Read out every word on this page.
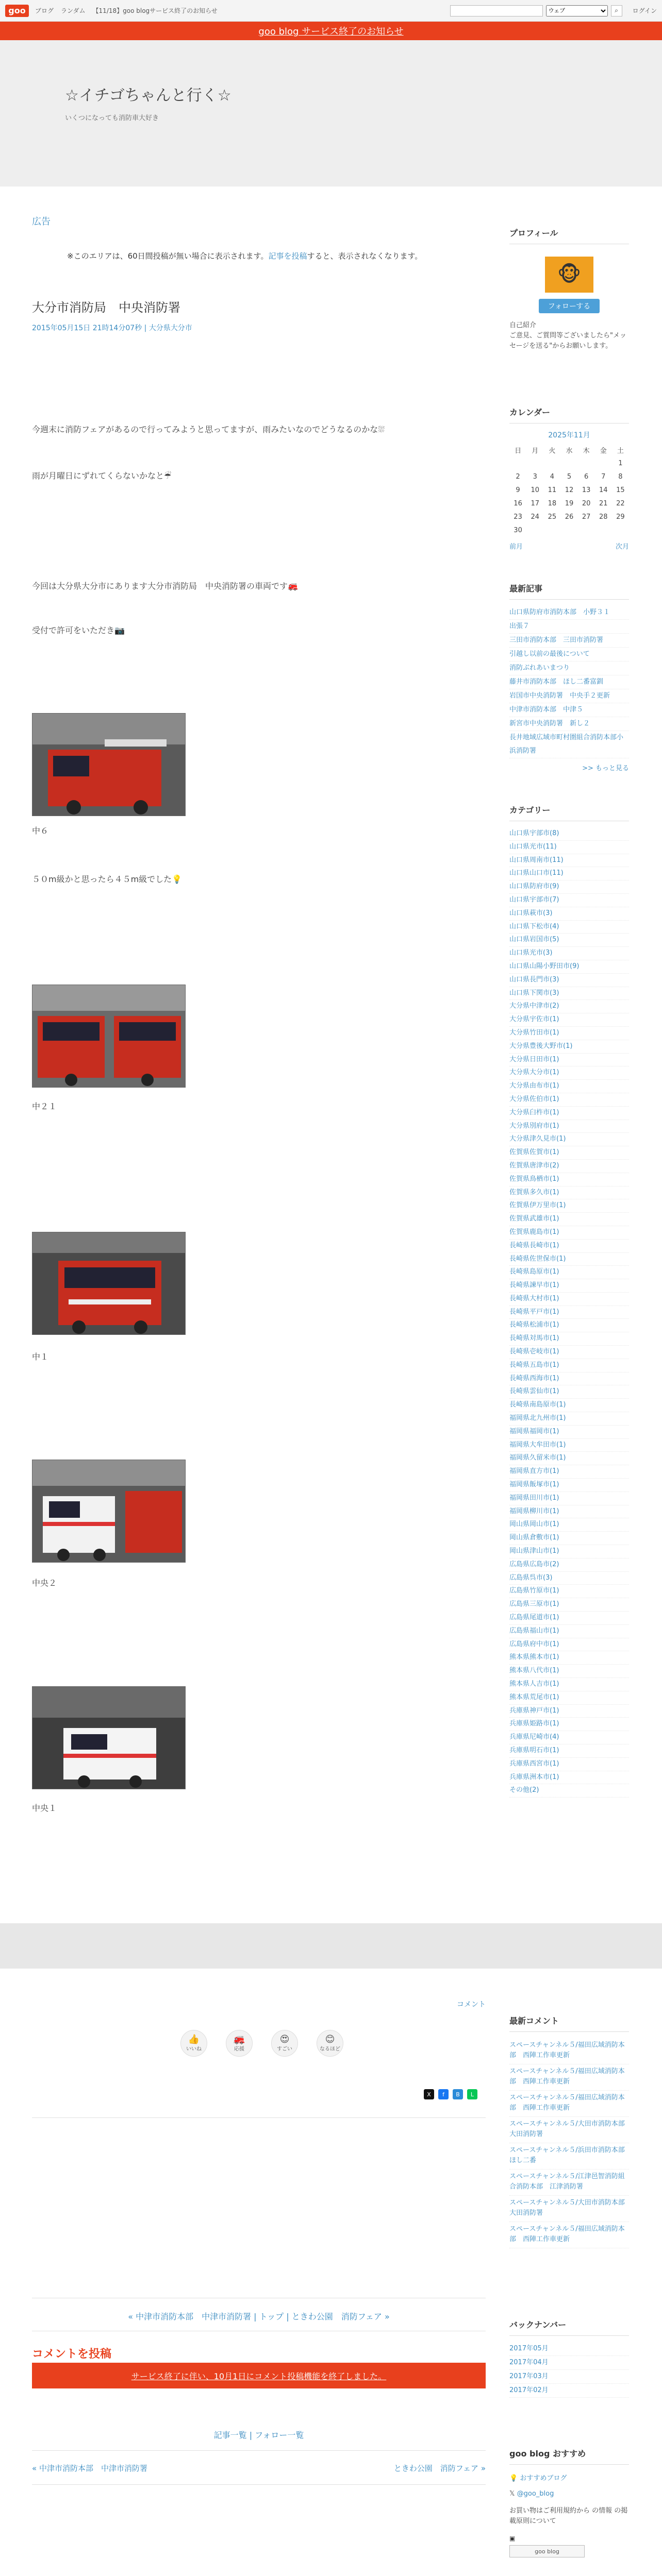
goo	ブログ ランダム 【11/18】goo blogサービス終了のお知らせ
ウェブ	⌕	ログイン
goo blog サービス終了のお知らせ
☆イチゴちゃんと行く☆
いくつになっても消防車大好き
広告
※このエリアは、60日間投稿が無い場合に表示されます。記事を投稿すると、表示されなくなります。
大分市消防局　中央消防署
2015年05月15日 21時14分07秒 | 大分県大分市
今週末に消防フェアがあるので行ってみようと思ってますが、雨みたいなのでどうなるのかな⛆
雨が月曜日にずれてくらないかなと☔
今回は大分県大分市にあります大分市消防局　中央消防署の車両です🚒
受付で許可をいただき📷
中６
５０m級かと思ったら４５m級でした💡
中２１
中１
中央２
中央１
コメント
👍
いいね
🚒
応援
😍
すごい
😊
なるほど
X	f	B	L
« 中津市消防本部　中津市消防署 | トップ | ときわ公園　消防フェア »
コメントを投稿
サービス終了に伴い、10月1日にコメント投稿機能を終了しました。
記事一覧 | フォロー一覧
« 中津市消防本部　中津市消防署	ときわ公園　消防フェア »
プロフィール
🐵
フォローする
自己紹介
ご意見、ご質問等ございましたら"メッセージを送る"からお願いします。
カレンダー
2025年11月
日	月	火	水	木	金	土
						1
2	3	4	5	6	7	8
9	10	11	12	13	14	15
16	17	18	19	20	21	22
23	24	25	26	27	28	29
30						
前月	次月
最新記事
山口県防府市消防本部　小野３１
出張７
三田市消防本部　三田市消防署
引越し以前の最後について
消防ぶれあいまつり
藤井市消防本部　ほし二番富釧
岩国市中央消防署　中央手２更新
中津市消防本部　中津５
新宮市中央消防署　新し２
長井地域広域市町村圏組合消防本部小浜消防署
>> もっと見る
カテゴリー
山口県宇部市(8)
山口県光市(11)
山口県周南市(11)
山口県山口市(11)
山口県防府市(9)
山口県宇部市(7)
山口県萩市(3)
山口県下松市(4)
山口県岩国市(5)
山口県光市(3)
山口県山陽小野田市(9)
山口県長門市(3)
山口県下関市(3)
大分県中津市(2)
大分県宇佐市(1)
大分県竹田市(1)
大分県豊後大野市(1)
大分県日田市(1)
大分県大分市(1)
大分県由布市(1)
大分県佐伯市(1)
大分県臼杵市(1)
大分県別府市(1)
大分県津久見市(1)
佐賀県佐賀市(1)
佐賀県唐津市(2)
佐賀県鳥栖市(1)
佐賀県多久市(1)
佐賀県伊万里市(1)
佐賀県武雄市(1)
佐賀県鹿島市(1)
長崎県長崎市(1)
長崎県佐世保市(1)
長崎県島原市(1)
長崎県諫早市(1)
長崎県大村市(1)
長崎県平戸市(1)
長崎県松浦市(1)
長崎県対馬市(1)
長崎県壱岐市(1)
長崎県五島市(1)
長崎県西海市(1)
長崎県雲仙市(1)
長崎県南島原市(1)
福岡県北九州市(1)
福岡県福岡市(1)
福岡県大牟田市(1)
福岡県久留米市(1)
福岡県直方市(1)
福岡県飯塚市(1)
福岡県田川市(1)
福岡県柳川市(1)
岡山県岡山市(1)
岡山県倉敷市(1)
岡山県津山市(1)
広島県広島市(2)
広島県呉市(3)
広島県竹原市(1)
広島県三原市(1)
広島県尾道市(1)
広島県福山市(1)
広島県府中市(1)
熊本県熊本市(1)
熊本県八代市(1)
熊本県人吉市(1)
熊本県荒尾市(1)
兵庫県神戸市(1)
兵庫県姫路市(1)
兵庫県尼崎市(4)
兵庫県明石市(1)
兵庫県西宮市(1)
兵庫県洲本市(1)
その他(2)
最新コメント
スペースチャンネル５/福田広域消防本部　西陣工作車更新
スペースチャンネル５/福田広域消防本部　西陣工作車更新
スペースチャンネル５/福田広域消防本部　西陣工作車更新
スペースチャンネル５/大田市消防本部　大田消防署
スペースチャンネル５/浜田市消防本部　ほし二番
スペースチャンネル５/江津邑智消防組合消防本部　江津消防署
スペースチャンネル５/大田市消防本部　大田消防署
スペースチャンネル５/福田広域消防本部　西陣工作車更新
バックナンバー
2017年05月
2017年04月
2017年03月
2017年02月
goo blog おすすめ
💡 おすすめブログ
𝕏 @goo_blog
お買い物はご利用規約から の情報 の掲載原則について
▣
goo blog
